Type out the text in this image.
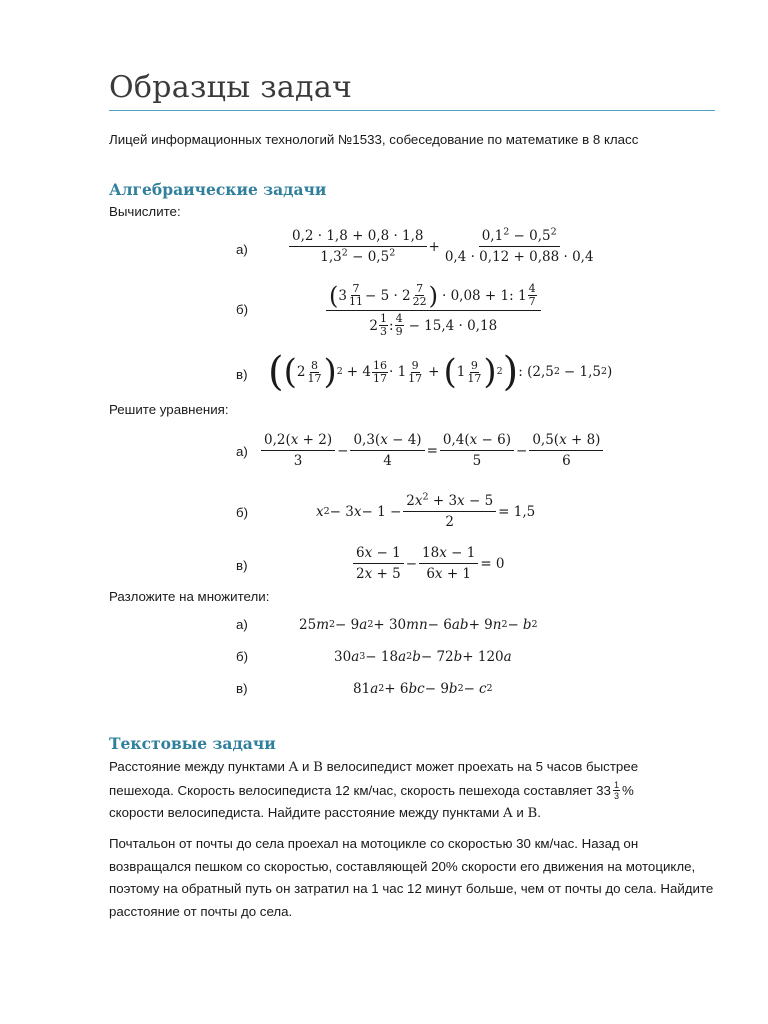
Образцы задач
Лицей информационных технологий №1533, собеседование по математике в 8 класс
Алгебраические задачи
Вычислите:
а)	$\frac{0,2 \cdot 1,8 + 0,8 \cdot 1,8}{1,3^2 - 0,5^2} + \frac{0,1^2 - 0,5^2}{0,4 \cdot 0,12 + 0,88 \cdot 0,4}$
б)	( 3 7
11 − 5 · 2 7
22 ) · 0,08 + 1: 1 4
7
2 1
3 : 4
9 − 15,4 · 0,18
в) ( ( 2 8
17 ) 2 + 4 16
17 · 1 9
17 + ( 1 9
17 ) 2 ) : (2,5 2 − 1,5 2 )
Решите уравнения:
$а) \frac{0,2(x + 2)}{3} - \frac{0,3(x - 4)}{4} = \frac{0,4(x - 6)}{5} - \frac{0,5(x + 8)}{6}$
б)	x 2 − 3 $x - 1 - \frac{2x^2 + 3x - 5}{2} = 1,5$
в)	$\frac{6x - 1}{2x + 5} - \frac{18x - 1}{6x + 1} = 0$
Разложите на множители:
а)	25 m 2 − 9 a 2 + 30 m n − 6 a b + 9 n 2 − b 2
б)	30 a 3 − 18 a 2 b − 72 b + 120 a
в)	81 a 2 + 6 b c − 9 b 2 − c 2
Текстовые задачи
Расстояние между пунктами A и B велосипедист может проехать на 5 часов быстрее
пешехода. Скорость велосипедиста 12 км/час, скорость пешехода составляет 33 1
3 %
скорости велосипедиста. Найдите расстояние между пунктами A и B.
Почтальон от почты до села проехал на мотоцикле со скоростью 30 км/час. Назад он возвращался пешком со скоростью, составляющей 20% скорости его движения на мотоцикле, поэтому на обратный путь он затратил на 1 час 12 минут больше, чем от почты до села. Найдите расстояние от почты до села.
